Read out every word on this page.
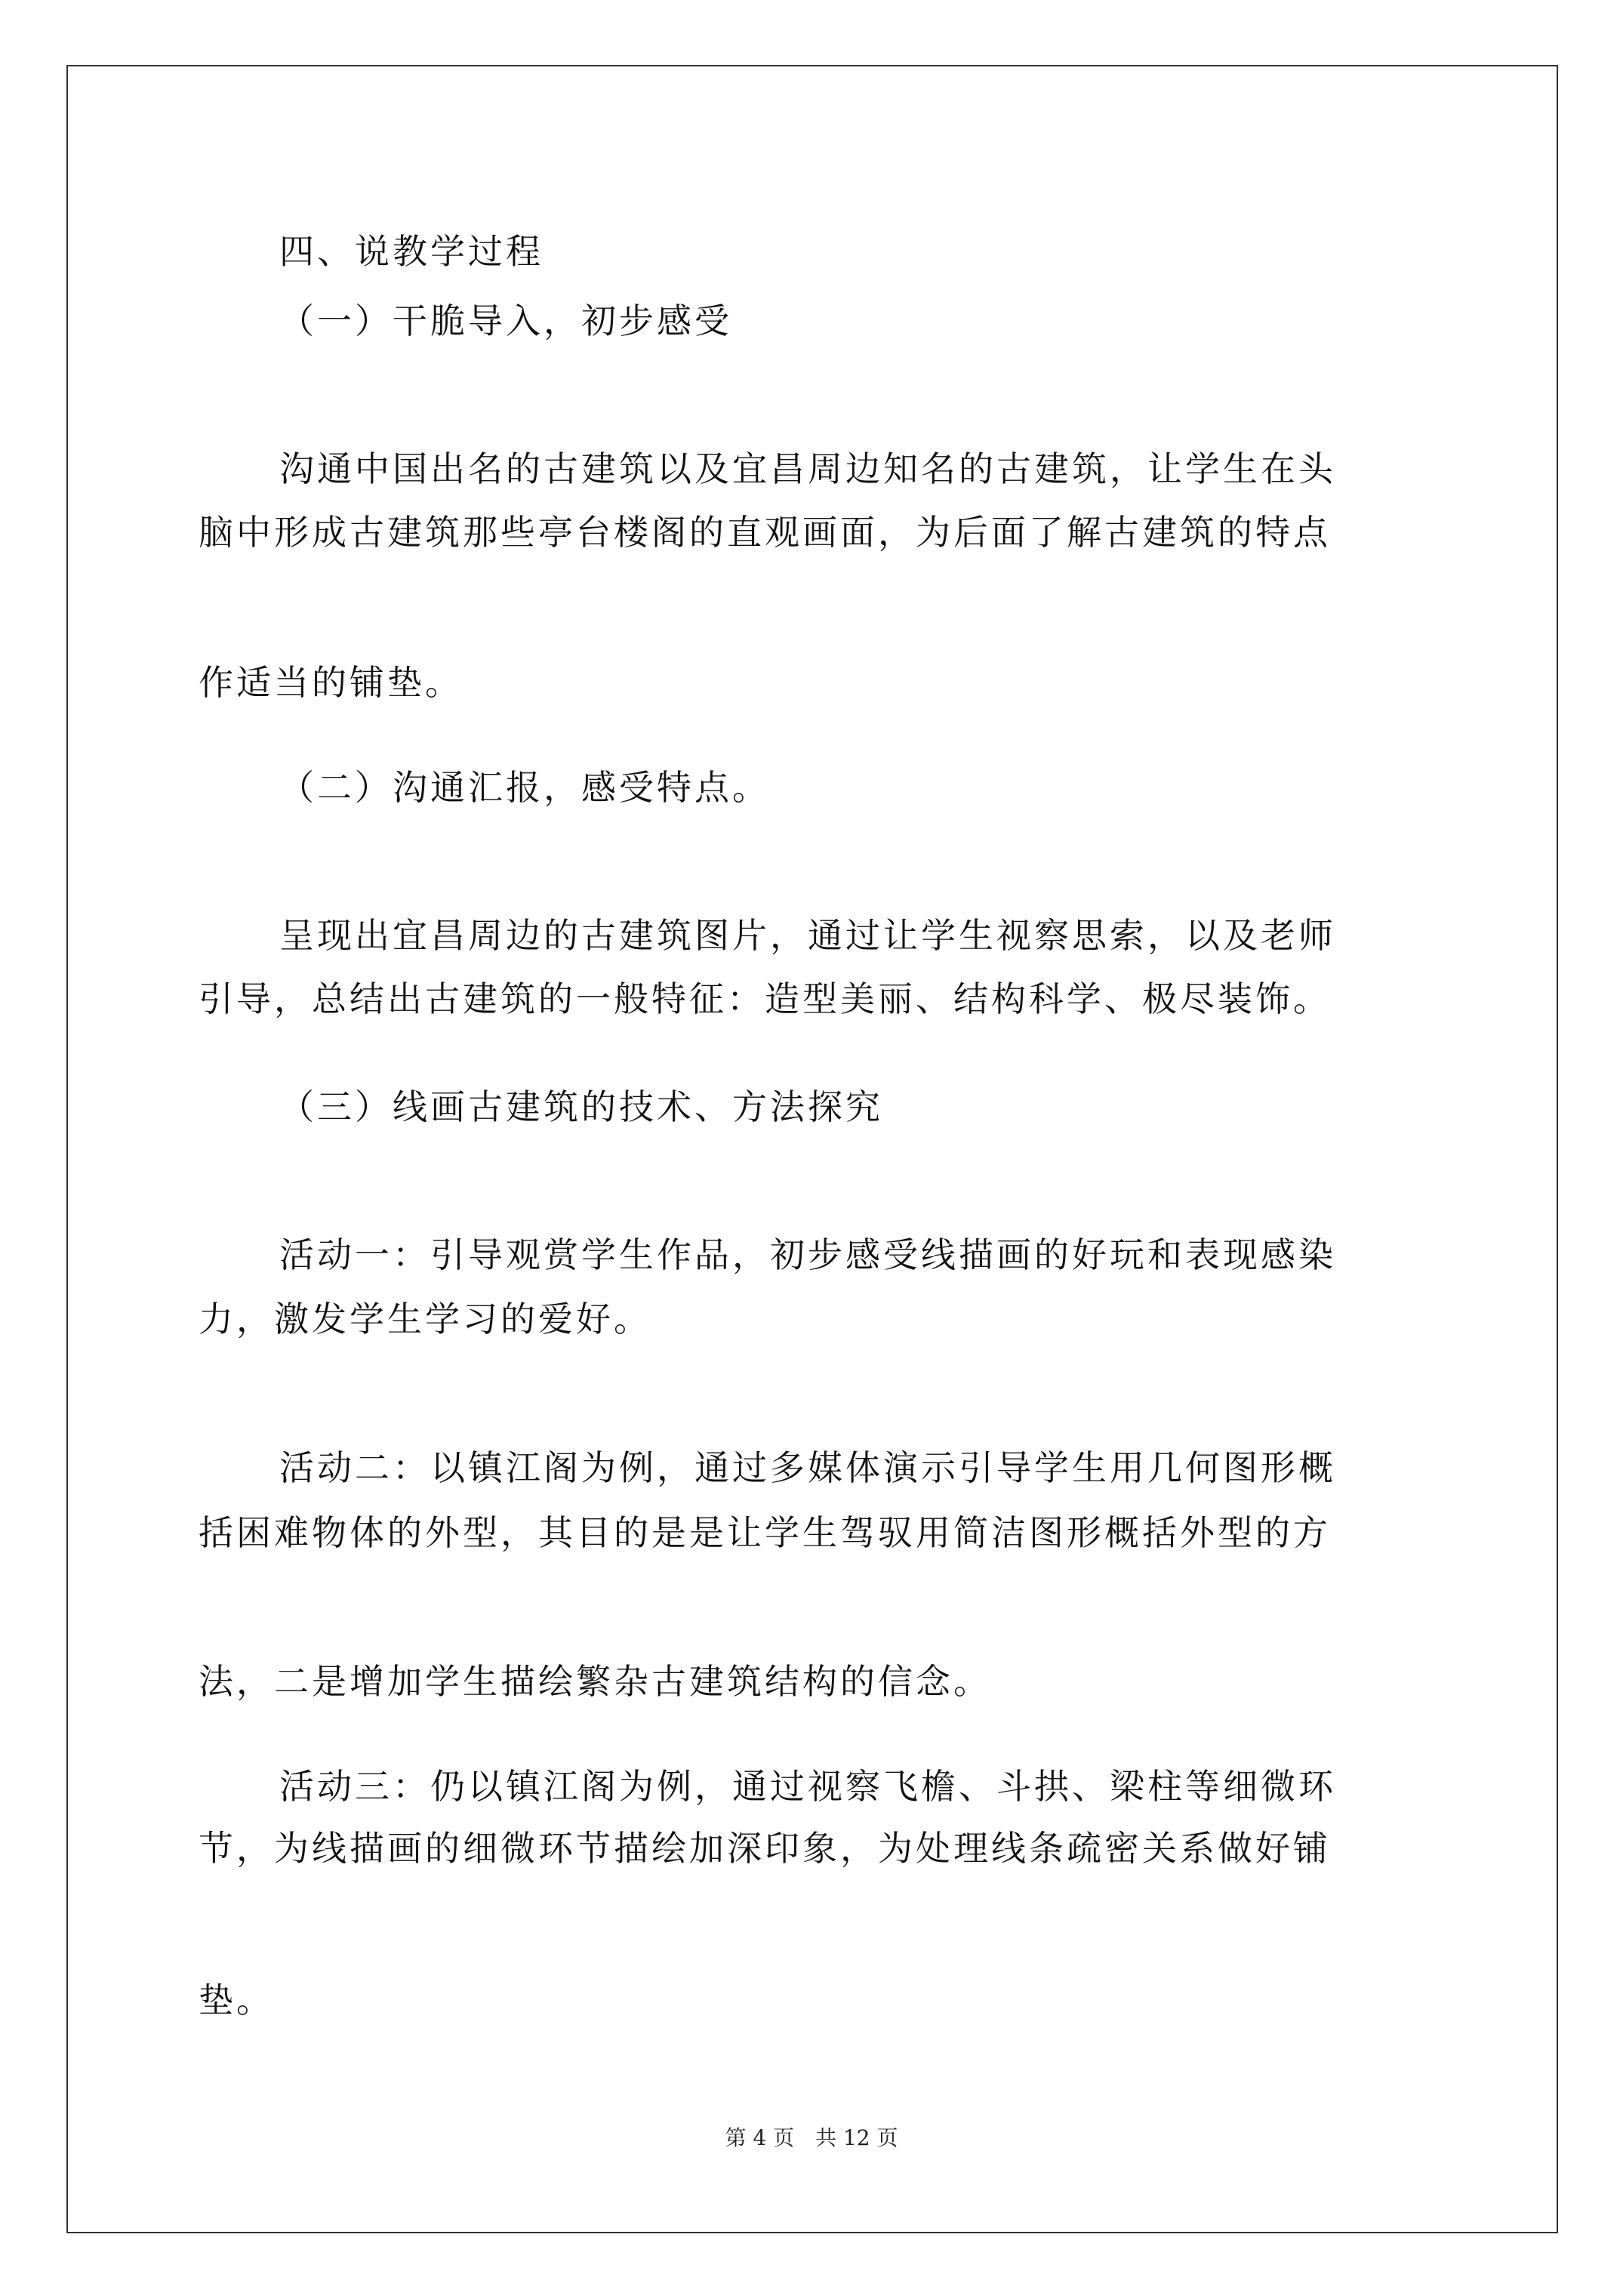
四、说教学过程
（一）干脆导入，初步感受
沟通中国出名的古建筑以及宜昌周边知名的古建筑，让学生在头
脑中形成古建筑那些亭台楼阁的直观画面，为后面了解古建筑的特点
作适当的铺垫。
（二）沟通汇报，感受特点。
呈现出宜昌周边的古建筑图片，通过让学生视察思索，以及老师
引导，总结出古建筑的一般特征：造型美丽、结构科学、极尽装饰。
（三）线画古建筑的技术、方法探究
活动一：引导观赏学生作品，初步感受线描画的好玩和表现感染
力，激发学生学习的爱好。
活动二：以镇江阁为例，通过多媒体演示引导学生用几何图形概
括困难物体的外型，其目的是是让学生驾驭用简洁图形概括外型的方
法，二是增加学生描绘繁杂古建筑结构的信念。
活动三：仍以镇江阁为例，通过视察飞檐、斗拱、梁柱等细微环
节，为线描画的细微环节描绘加深印象，为处理线条疏密关系做好铺
垫。
第 4 页　共 12 页
